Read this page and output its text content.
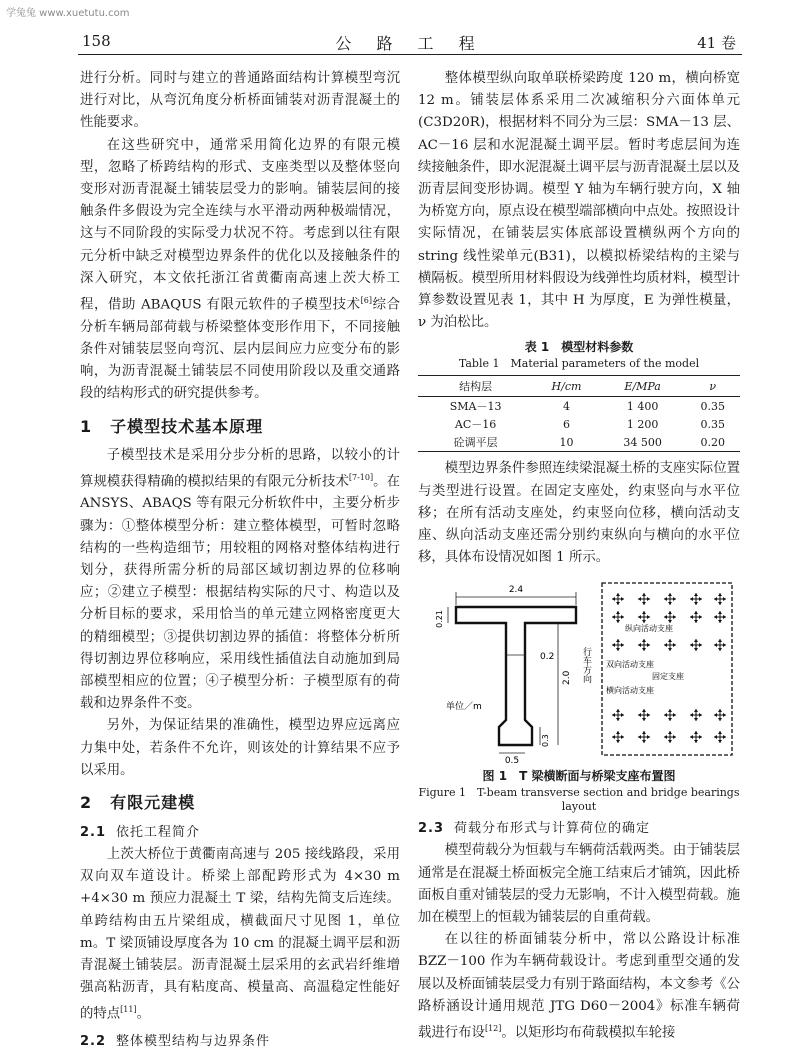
学兔兔 www.xuetutu.com
158	公 路 工 程	41 卷

进行分析。同时与建立的普通路面结构计算模型弯沉进行对比，从弯沉角度分析桥面铺装对沥青混凝土的性能要求。

在这些研究中，通常采用简化边界的有限元模型，忽略了桥跨结构的形式、支座类型以及整体竖向变形对沥青混凝土铺装层受力的影响。铺装层间的接触条件多假设为完全连续与水平滑动两种极端情况，这与不同阶段的实际受力状况不符。考虑到以往有限元分析中缺乏对模型边界条件的优化以及接触条件的深入研究，本文依托浙江省黄衢南高速上茨大桥工程，借助 ABAQUS 有限元软件的子模型技术[6]综合分析车辆局部荷载与桥梁整体变形作用下，不同接触条件对铺装层竖向弯沉、层内层间应力应变分布的影响，为沥青混凝土铺装层不同使用阶段以及重交通路段的结构形式的研究提供参考。

1 子模型技术基本原理

子模型技术是采用分步分析的思路，以较小的计算规模获得精确的模拟结果的有限元分析技术[7-10]。在 ANSYS、ABAQS 等有限元分析软件中，主要分析步骤为：①整体模型分析：建立整体模型，可暂时忽略结构的一些构造细节；用较粗的网格对整体结构进行划分，获得所需分析的局部区域切割边界的位移响应；②建立子模型：根据结构实际的尺寸、构造以及分析目标的要求，采用恰当的单元建立网格密度更大的精细模型；③提供切割边界的插值：将整体分析所得切割边界位移响应，采用线性插值法自动施加到局部模型相应的位置；④子模型分析：子模型原有的荷载和边界条件不变。

另外，为保证结果的准确性，模型边界应远离应力集中处，若条件不允许，则该处的计算结果不应予以采用。

2 有限元建模
2.1 依托工程简介

上茨大桥位于黄衢南高速与 205 接线路段，采用双向双车道设计。桥梁上部配跨形式为 4×30 m +4×30 m 预应力混凝土 T 梁，结构先简支后连续。单跨结构由五片梁组成，横截面尺寸见图 1，单位 m。T 梁顶铺设厚度各为 10 cm 的混凝土调平层和沥青混凝土铺装层。沥青混凝土层采用的玄武岩纤维增强高粘沥青，具有粘度高、模量高、高温稳定性能好的特点[11]。

2.2 整体模型结构与边界条件

整体模型纵向取单联桥梁跨度 120 m，横向桥宽 12 m。铺装层体系采用二次减缩积分六面体单元(C3D20R)，根据材料不同分为三层：SMA－13 层、AC－16 层和水泥混凝土调平层。暂时考虑层间为连续接触条件，即水泥混凝土调平层与沥青混凝土层以及沥青层间变形协调。模型 Y 轴为车辆行驶方向，X 轴为桥宽方向，原点设在模型端部横向中点处。按照设计实际情况，在铺装层实体底部设置横纵两个方向的 string 线性梁单元(B31)，以模拟桥梁结构的主梁与横隔板。模型所用材料假设为线弹性均质材料，模型计算参数设置见表 1，其中 H 为厚度，E 为弹性模量，ν 为泊松比。

表 1　模型材料参数
Table 1　Material parameters of the model
结构层	H/cm	E/MPa	ν
SMA－13	4	1 400	0.35
AC－16	6	1 200	0.35
砼调平层	10	34 500	0.20

模型边界条件参照连续梁混凝土桥的支座实际位置与类型进行设置。在固定支座处，约束竖向与水平位移；在所有活动支座处，约束竖向位移，横向活动支座、纵向活动支座还需分别约束纵向与横向的水平位移，具体布设情况如图 1 所示。

2.4
0.21
0.2
2.0 行车方向
单位／m
0.5
0.3
纵向活动支座
双向活动支座
固定支座
横向活动支座
图 1　T 梁横断面与桥梁支座布置图
Figure 1　T-beam transverse section and bridge bearings layout
2.3 荷载分布形式与计算荷位的确定

模型荷载分为恒载与车辆荷活载两类。由于铺装层通常是在混凝土桥面板完全施工结束后才铺筑，因此桥面板自重对铺装层的受力无影响，不计入模型荷载。施加在模型上的恒载为铺装层的自重荷载。

在以往的桥面铺装分析中，常以公路设计标准 BZZ－100 作为车辆荷载设计。考虑到重型交通的发展以及桥面铺装层受力有别于路面结构，本文参考《公路桥涵设计通用规范 JTG D60－2004》标准车辆荷载进行布设[12]。以矩形均布荷载模拟车轮接
